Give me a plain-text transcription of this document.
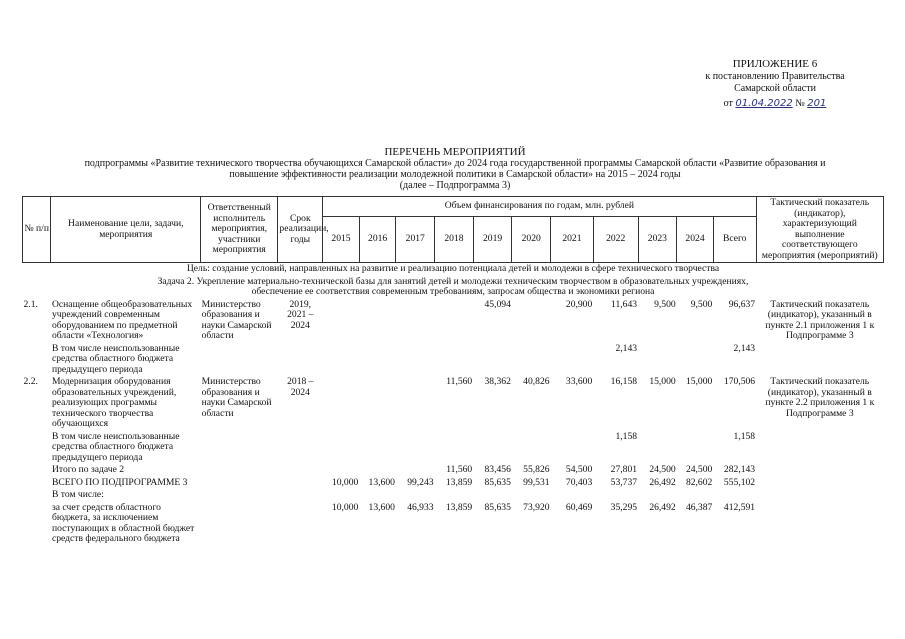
ПРИЛОЖЕНИЕ 6
к постановлению Правительства
Самарской области
от 01.04.2022 № 201
ПЕРЕЧЕНЬ МЕРОПРИЯТИЙ
подпрограммы «Развитие технического творчества обучающихся Самарской области» до 2024 года государственной программы Самарской области «Развитие образования и
повышение эффективности реализации молодежной политики в Самарской области» на 2015 – 2024 годы
(далее – Подпрограмма 3)
№ п/п	Наименование цели, задачи, мероприятия	Ответственный исполнитель мероприятия, участники мероприятия	Срок реализации, годы	Объем финансирования по годам, млн. рублей											Тактический показатель (индикатор), характеризующий выполнение соответствующего мероприятия (мероприятий)
				2015	2016	2017	2018	2019	2020	2021	2022	2023	2024	Всего	
Цель: создание условий, направленных на развитие и реализацию потенциала детей и молодежи в сфере технического творчества															
Задача 2. Укрепление материально-технической базы для занятий детей и молодежи техническим творчеством в образовательных учреждениях,
обеспечение ее соответствия современным требованиям, запросам общества и экономики региона															
2.1.	Оснащение общеобразовательных учреждений современным оборудованием по предметной области «Технология»	Министерство образования и науки Самарской области	2019, 2021 – 2024					45,094		20,900	11,643	9,500	9,500	96,637	Тактический показатель (индикатор), указанный в пункте 2.1 приложения 1 к Подпрограмме 3
	В том числе неиспользованные средства областного бюджета предыдущего периода										2,143			2,143	
2.2.	Модернизация оборудования образовательных учреждений, реализующих программы технического творчества обучающихся	Министерство образования и науки Самарской области	2018 – 2024				11,560	38,362	40,826	33,600	16,158	15,000	15,000	170,506	Тактический показатель (индикатор), указанный в пункте 2.2 приложения 1 к Подпрограмме 3
	В том числе неиспользованные средства областного бюджета предыдущего периода										1,158			1,158	
	Итого по задаче 2						11,560	83,456	55,826	54,500	27,801	24,500	24,500	282,143	
	ВСЕГО ПО ПОДПРОГРАММЕ 3			10,000	13,600	99,243	13,859	85,635	99,531	70,403	53,737	26,492	82,602	555,102	
	В том числе:														
	за счет средств областного бюджета, за исключением поступающих в областной бюджет средств федерального бюджета			10,000	13,600	46,933	13,859	85,635	73,920	60,469	35,295	26,492	46,387	412,591	
